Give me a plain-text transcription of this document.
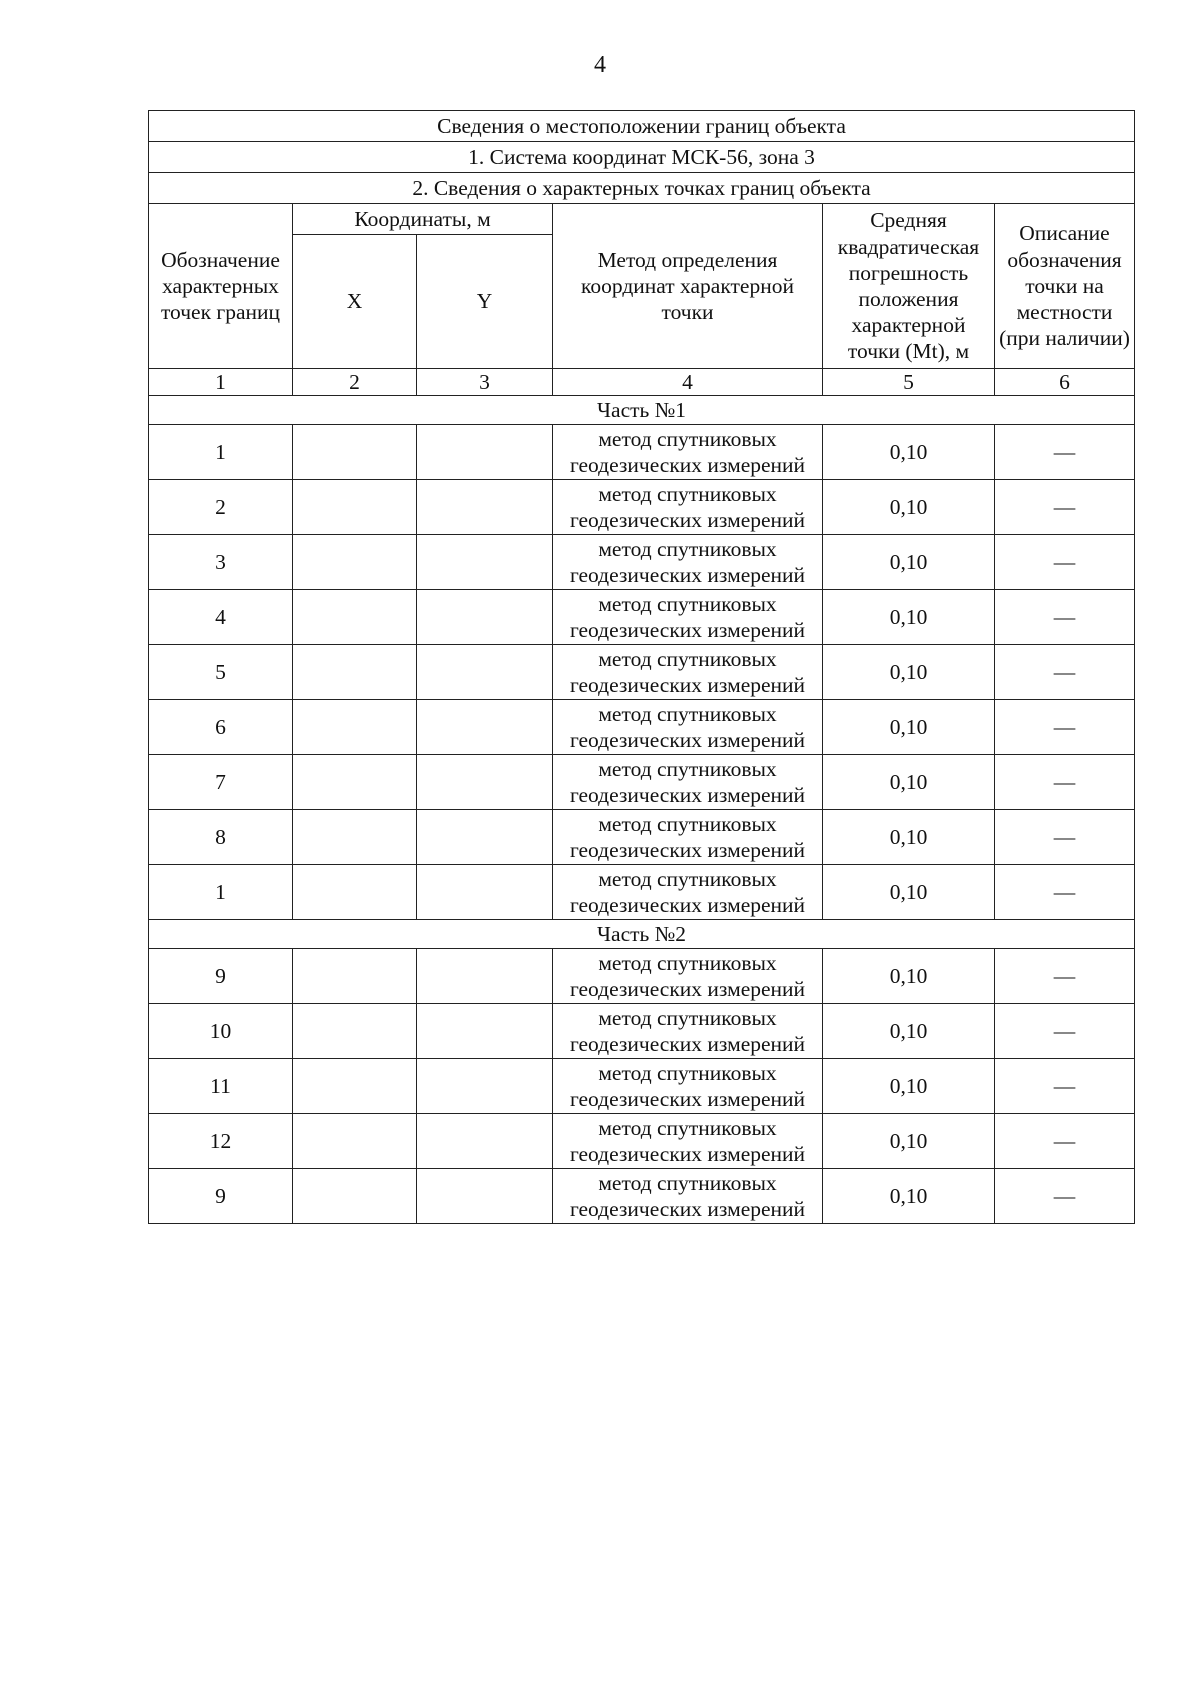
4
Сведения о местоположении границ объекта					
1. Система координат МСК-56, зона 3					
2. Сведения о характерных точках границ объекта					
Обозначение характерных точек границ	Координаты, м		Метод определения координат характерной точки	Средняя квадратическая погрешность положения характерной точки (Mt), м	Описание обозначения точки на местности (при наличии)
	X	Y			
1	2	3	4	5	6
Часть №1					
1			метод спутниковых геодезических измерений	0,10	—
2			метод спутниковых геодезических измерений	0,10	—
3			метод спутниковых геодезических измерений	0,10	—
4			метод спутниковых геодезических измерений	0,10	—
5			метод спутниковых геодезических измерений	0,10	—
6			метод спутниковых геодезических измерений	0,10	—
7			метод спутниковых геодезических измерений	0,10	—
8			метод спутниковых геодезических измерений	0,10	—
1			метод спутниковых геодезических измерений	0,10	—
Часть №2					
9			метод спутниковых геодезических измерений	0,10	—
10			метод спутниковых геодезических измерений	0,10	—
11			метод спутниковых геодезических измерений	0,10	—
12			метод спутниковых геодезических измерений	0,10	—
9			метод спутниковых геодезических измерений	0,10	—
